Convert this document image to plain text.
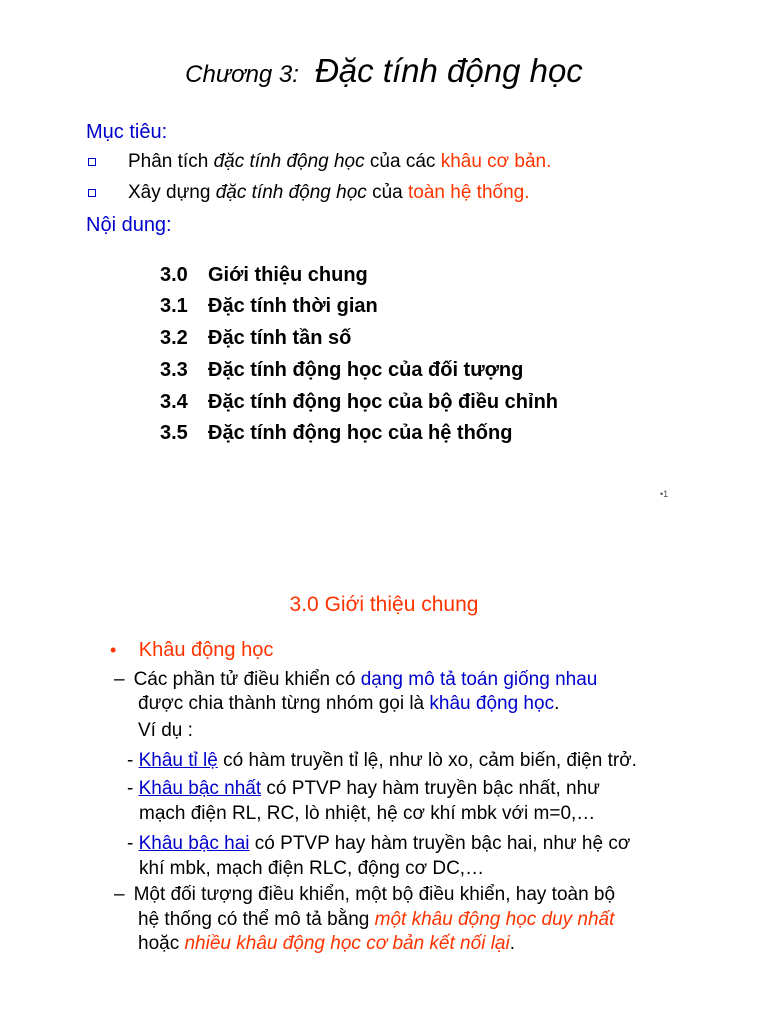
Chương 3: Đặc tính động học
Mục tiêu:
Phân tích đặc tính động học của các khâu cơ bản.
Xây dựng đặc tính động học của toàn hệ thống.
Nội dung:
3.0 Giới thiệu chung
3.1 Đặc tính thời gian
3.2 Đặc tính tần số
3.3 Đặc tính động học của đối tượng
3.4 Đặc tính động học của bộ điều chỉnh
3.5 Đặc tính động học của hệ thống
•1
3.0 Giới thiệu chung
• Khâu động học
– Các phần tử điều khiển có dạng mô tả toán giống nhau
được chia thành từng nhóm gọi là khâu động học.
Ví dụ :
- Khâu tỉ lệ có hàm truyền tỉ lệ, như lò xo, cảm biến, điện trở.
- Khâu bậc nhất có PTVP hay hàm truyền bậc nhất, như
mạch điện RL, RC, lò nhiệt, hệ cơ khí mbk với m=0,…
- Khâu bậc hai có PTVP hay hàm truyền bậc hai, như hệ cơ
khí mbk, mạch điện RLC, động cơ DC,…
– Một đối tượng điều khiển, một bộ điều khiển, hay toàn bộ
hệ thống có thể mô tả bằng một khâu động học duy nhất
hoặc nhiều khâu động học cơ bản kết nối lại.
